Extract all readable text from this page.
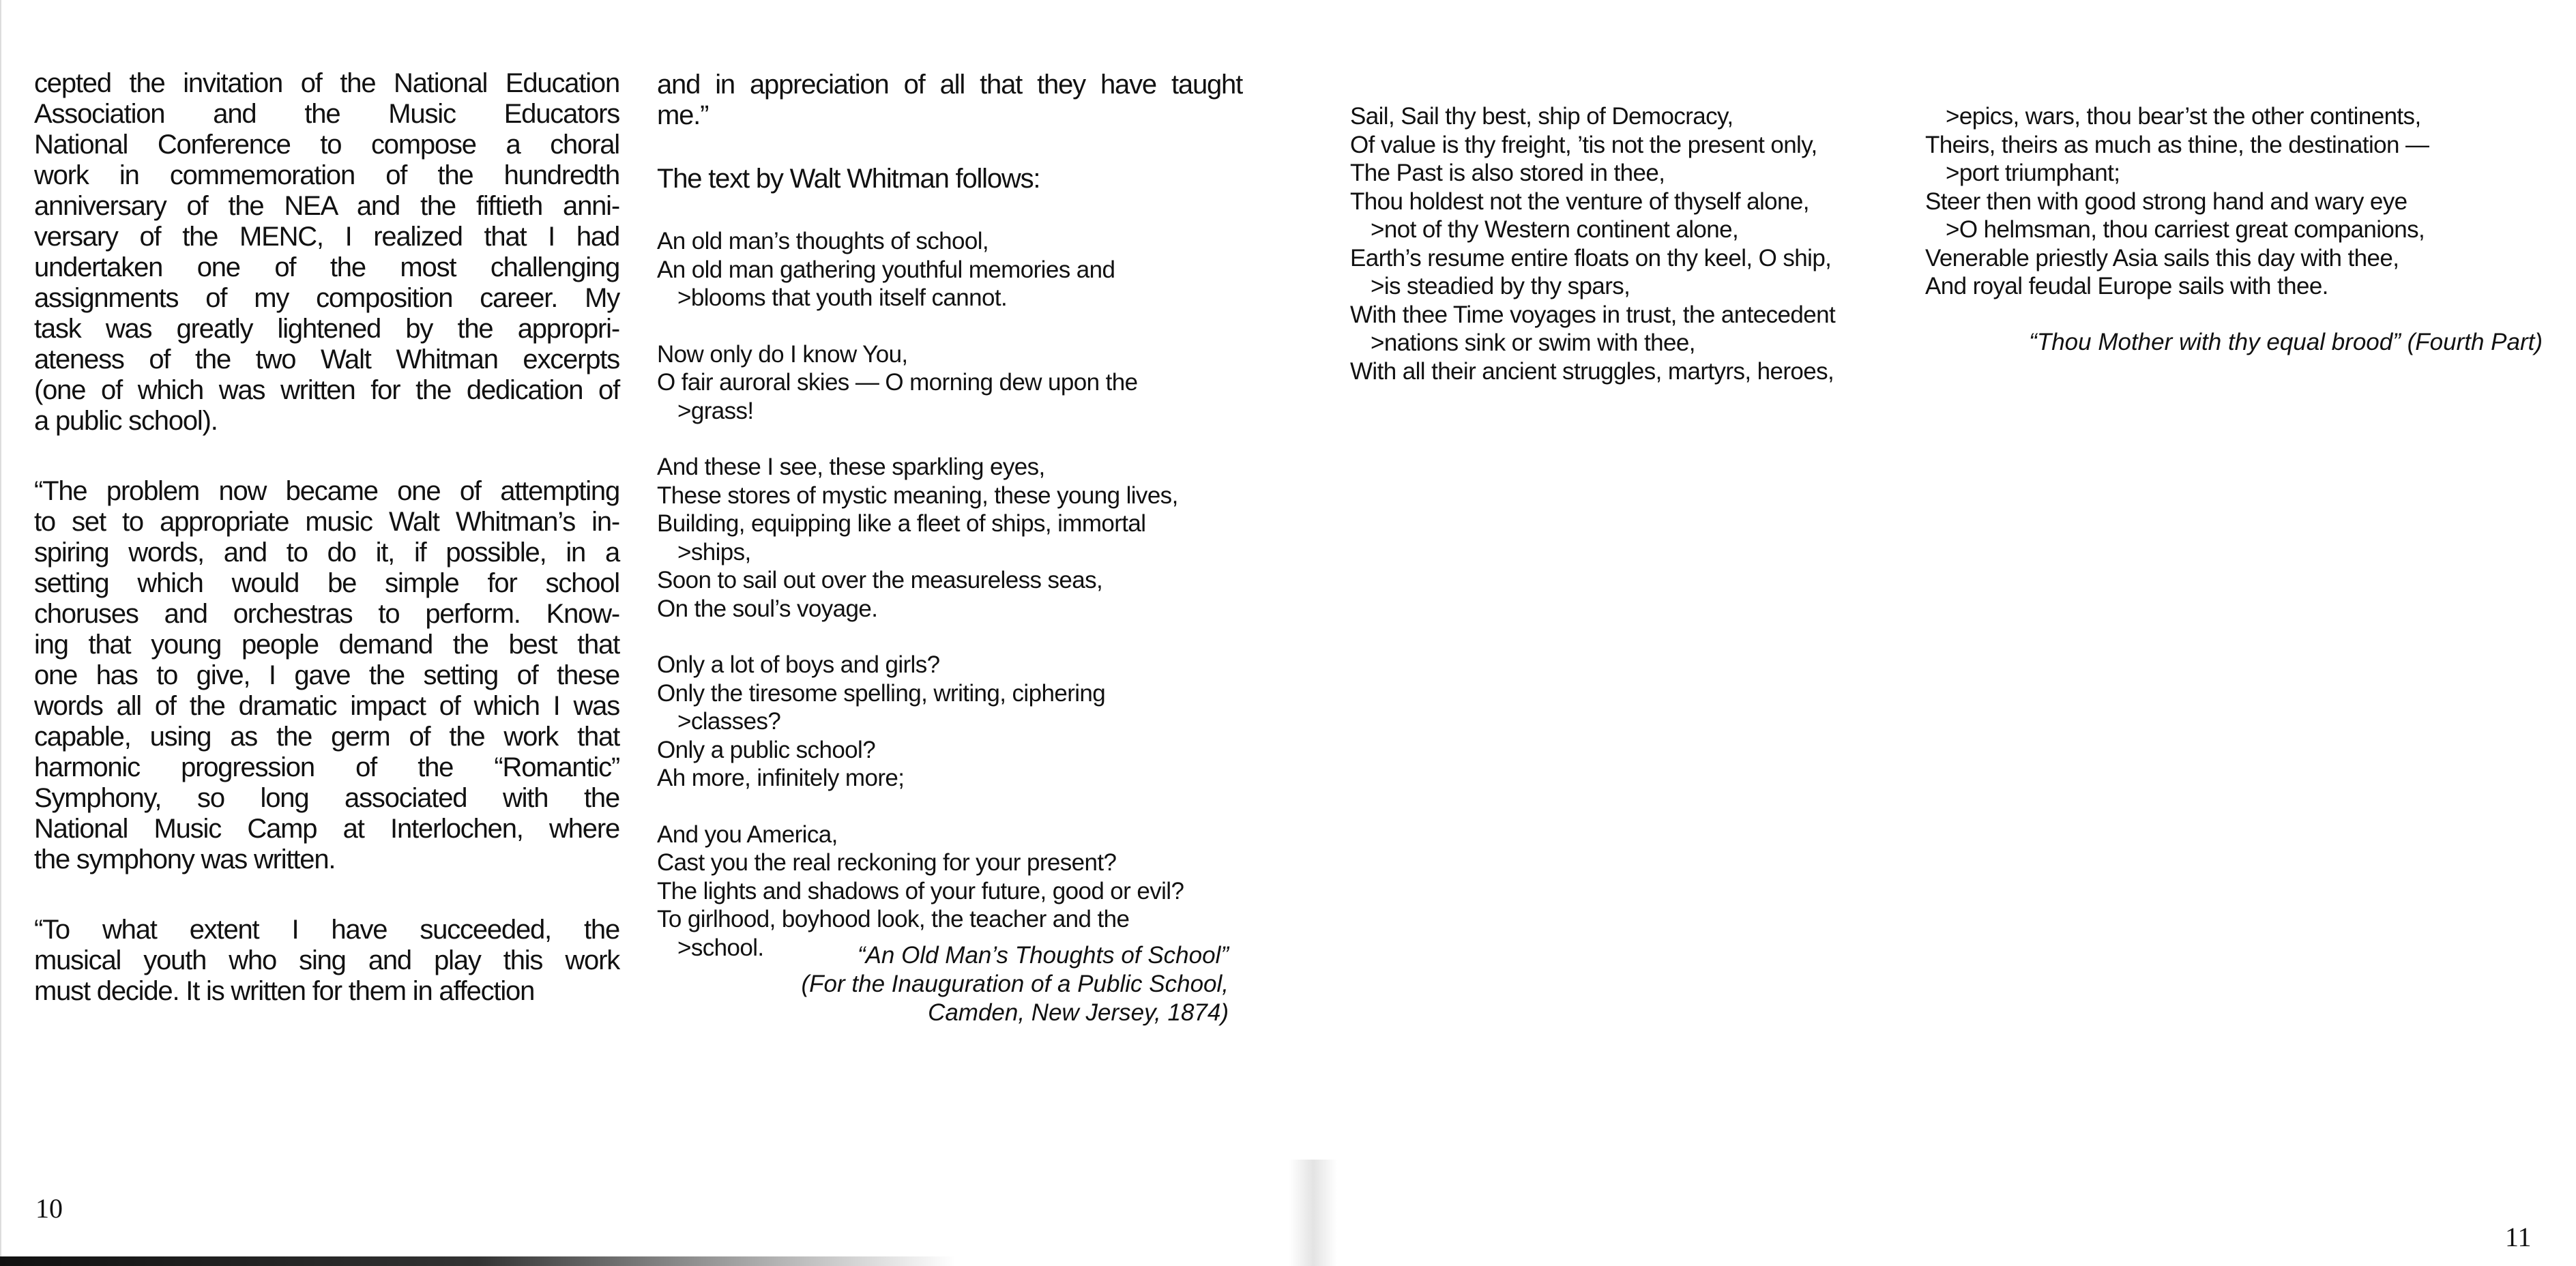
cepted the invitation of the National Education
Association and the Music Educators
National Conference to compose a choral
work in commemoration of the hundredth
anniversary of the NEA and the fiftieth anni-
versary of the MENC, I realized that I had
undertaken one of the most challenging
assignments of my composition career. My
task was greatly lightened by the appropri-
ateness of the two Walt Whitman excerpts
(one of which was written for the dedication of
a public school).
“The problem now became one of attempting
to set to appropriate music Walt Whitman’s in-
spiring words, and to do it, if possible, in a
setting which would be simple for school
choruses and orchestras to perform. Know-
ing that young people demand the best that
one has to give, I gave the setting of these
words all of the dramatic impact of which I was
capable, using as the germ of the work that
harmonic progression of the “Romantic”
Symphony, so long associated with the
National Music Camp at Interlochen, where
the symphony was written.
“To what extent I have succeeded, the
musical youth who sing and play this work
must decide. It is written for them in affection
and in appreciation of all that they have taught
me.”
The text by Walt Whitman follows:
An old man’s thoughts of school,
An old man gathering youthful memories and
>blooms that youth itself cannot.
Now only do I know You,
O fair auroral skies — O morning dew upon the
>grass!
And these I see, these sparkling eyes,
These stores of mystic meaning, these young lives,
Building, equipping like a fleet of ships, immortal
>ships,
Soon to sail out over the measureless seas,
On the soul’s voyage.
Only a lot of boys and girls?
Only the tiresome spelling, writing, ciphering
>classes?
Only a public school?
Ah more, infinitely more;
And you America,
Cast you the real reckoning for your present?
The lights and shadows of your future, good or evil?
To girlhood, boyhood look, the teacher and the
>school.	“An Old Man’s Thoughts of School”
(For the Inauguration of a Public School,
Camden, New Jersey, 1874)
Sail, Sail thy best, ship of Democracy,
Of value is thy freight, ’tis not the present only,
The Past is also stored in thee,
Thou holdest not the venture of thyself alone,
>not of thy Western continent alone,
Earth’s resume entire floats on thy keel, O ship,
>is steadied by thy spars,
With thee Time voyages in trust, the antecedent
>nations sink or swim with thee,
With all their ancient struggles, martyrs, heroes,
>epics, wars, thou bear’st the other continents,
Theirs, theirs as much as thine, the destination —
>port triumphant;
Steer then with good strong hand and wary eye
>O helmsman, thou carriest great companions,
Venerable priestly Asia sails this day with thee,
And royal feudal Europe sails with thee.
“Thou Mother with thy equal brood” (Fourth Part)
10
11
